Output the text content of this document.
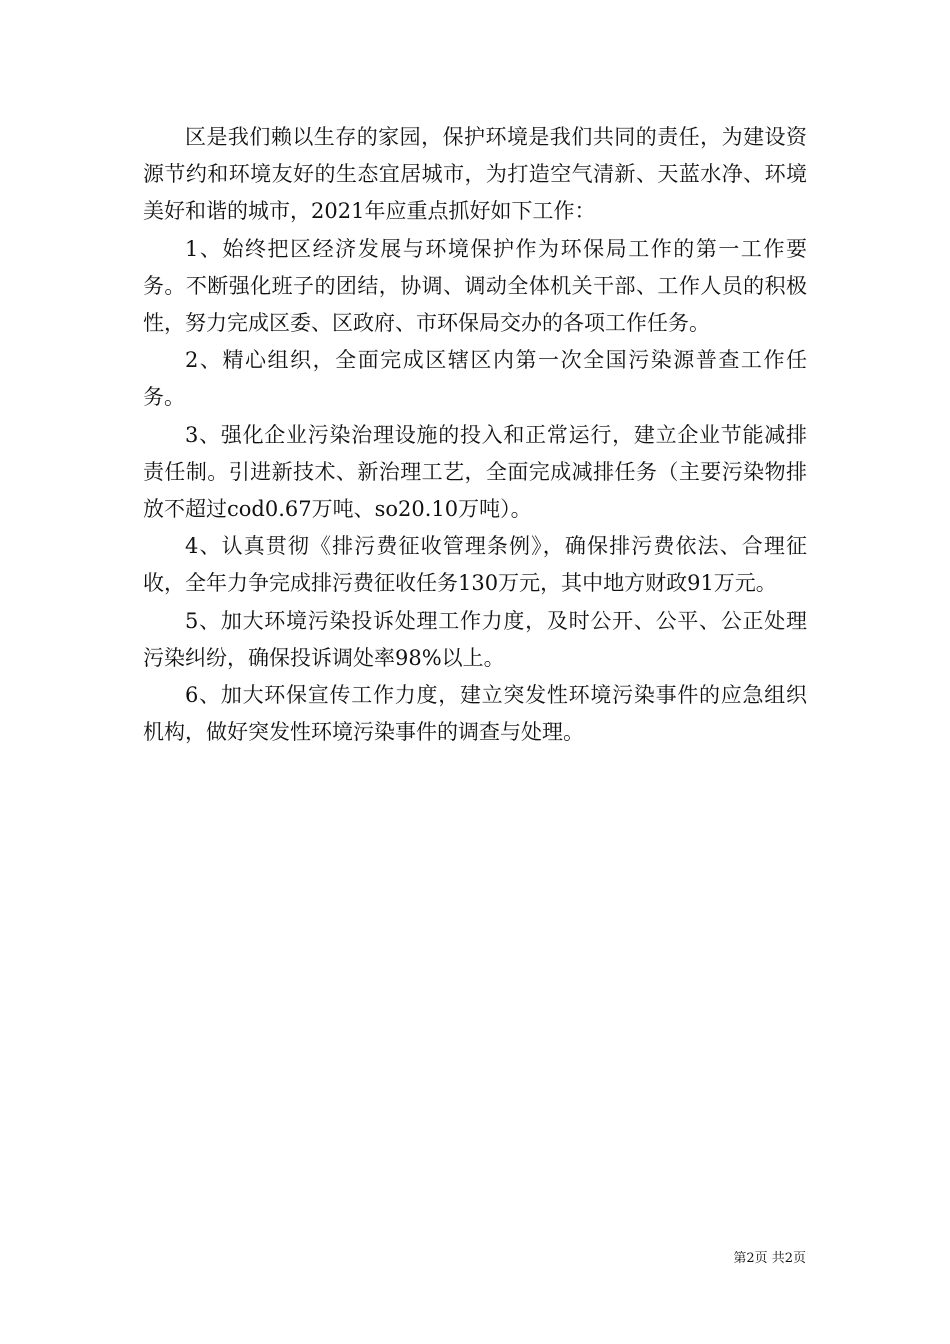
区是我们赖以生存的家园，保护环境是我们共同的责任，为建设资源节约和环境友好的生态宜居城市，为打造空气清新、天蓝水净、环境美好和谐的城市，2021年应重点抓好如下工作：

1、始终把区经济发展与环境保护作为环保局工作的第一工作要务。不断强化班子的团结，协调、调动全体机关干部、工作人员的积极性，努力完成区委、区政府、市环保局交办的各项工作任务。

2、精心组织，全面完成区辖区内第一次全国污染源普查工作任务。

3、强化企业污染治理设施的投入和正常运行，建立企业节能减排责任制。引进新技术、新治理工艺，全面完成减排任务（主要污染物排放不超过cod0.67万吨、so20.10万吨）。

4、认真贯彻《排污费征收管理条例》，确保排污费依法、合理征收，全年力争完成排污费征收任务130万元，其中地方财政91万元。

5、加大环境污染投诉处理工作力度，及时公开、公平、公正处理污染纠纷，确保投诉调处率98%以上。

6、加大环保宣传工作力度，建立突发性环境污染事件的应急组织机构，做好突发性环境污染事件的调查与处理。

第2页 共2页
